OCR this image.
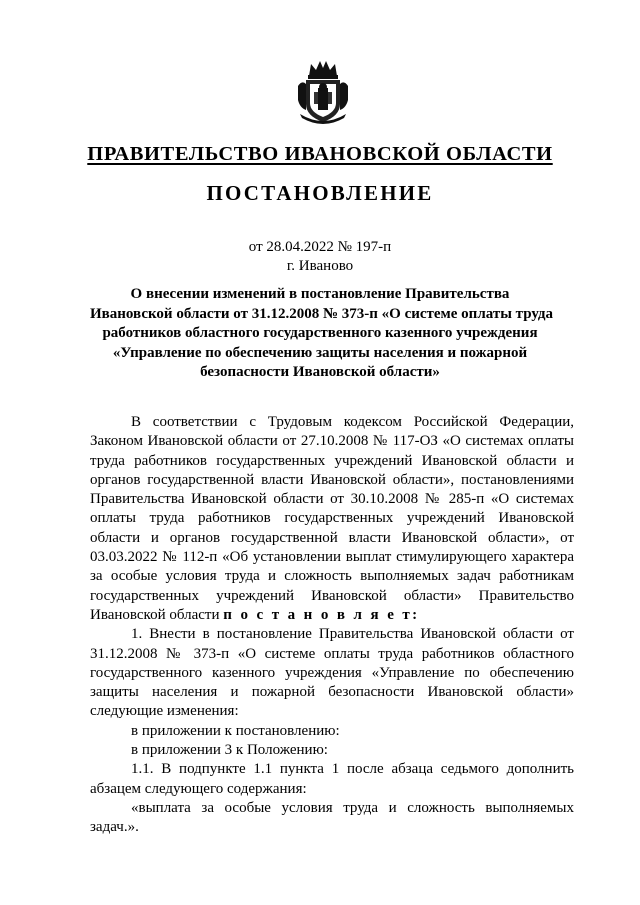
ПРАВИТЕЛЬСТВО ИВАНОВСКОЙ ОБЛАСТИ
ПОСТАНОВЛЕНИЕ
от 28.04.2022 № 197-п
г. Иваново
О внесении изменений в постановление Правительства
Ивановской области от 31.12.2008 № 373-п «О системе оплаты труда
работников областного государственного казенного учреждения
«Управление по обеспечению защиты населения и пожарной
безопасности Ивановской области»

В соответствии с Трудовым кодексом Российской Федерации, Законом Ивановской области от 27.10.2008 № 117-ОЗ «О системах оплаты труда работников государственных учреждений Ивановской области и органов государственной власти Ивановской области», постановлениями Правительства Ивановской области от 30.10.2008 № 285-п «О системах оплаты труда работников государственных учреждений Ивановской области и органов государственной власти Ивановской области», от 03.03.2022 № 112-п «Об установлении выплат стимулирующего характера за особые условия труда и сложность выполняемых задач работникам государственных учреждений Ивановской области» Правительство Ивановской области п о с т а н о в л я е т:

1. Внести в постановление Правительства Ивановской области от 31.12.2008 № 373-п «О системе оплаты труда работников областного государственного казенного учреждения «Управление по обеспечению защиты населения и пожарной безопасности Ивановской области» следующие изменения:

в приложении к постановлению:

в приложении 3 к Положению:

1.1. В подпункте 1.1 пункта 1 после абзаца седьмого дополнить абзацем следующего содержания:

«выплата за особые условия труда и сложность выполняемых задач.».
